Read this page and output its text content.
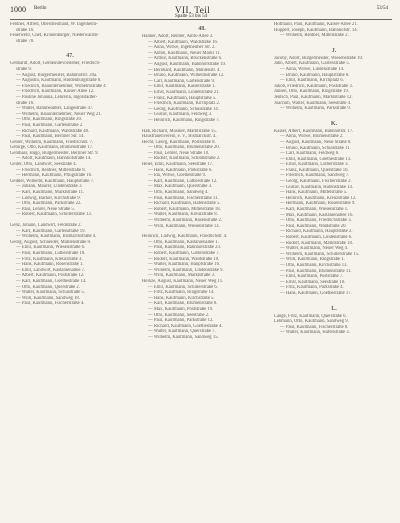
1000 Berlin	VII. Teil	53/54
Spalte 53 bis 54
Feldner, Alfred, Oberstleutnant, W. Ingelheim-
straße 16.
Feuerwehr, Chef, Kronenburger, Niederwallstr-
straße 78.
47.
Gebhardt, Adolf, Gemeindevorsteher, Friedrich-
straße 9.
— August, Bürgermeister, Bahnhofstr. 20a.
— Augustin, Kaufmann, Hindenburgstraße 8.
— Friedrich, Bauunternehmer, Wilhelmstraße 4
— Friedrich, Kaufmann, Kaiser-Allee 12.
— Pauline Johanna, Lehrerin, Ingolstädter-
straße 16.
— Walter, Bahnbeamter, Langestraße 47.
— Wilhelm, Bauunternehmer, Neuer Weg 21.
— Otto, Kaufmann, Ringstraße 20.
— Paul, Kaufmann, Gartenstraße 2.
— Richard, Kaufmann, Waldstraße 48.
— Paul, Kaufmann, Berliner Str. 14.
Gebier, Wilhelm, Kaufmann, Friedrichstr. 7.
Gebirge, Otto, Kaufmann, Blumenstraße 17.
Gehlhaar, Hugo, Bürgermeister, Berliner Str. 9.
— Adolf, Kaufmann, Bahnhofstraße 14.
Geiler, Otto, Landwirt, Seestraße 4.
— Friedrich, Rentner, Mittelstraße 8.
— Hermann, Kaufmann, Pflugstraße 16.
Geißler, Wilhelm, Kaufmann, Hauptstraße 7.
— Johann, Maurer, Lindenstraße 3.
— Karl, Kaufmann, Marktstraße 11.
— Ludwig, Bäcker, Kirchstraße 9.
— Otto, Kaufmann, Parkstraße 22.
— Paul, Lehrer, Neue Straße 5.
— Robert, Kaufmann, Schillerstraße 13.
Genz, Johann, Landwirt, Feldstraße 2.
— Karl, Kaufmann, Gartenstraße 19.
— Wilhelm, Kaufmann, Bismarckstraße 4.
Georg, August, Schneider, Mühlenstraße 8.
— Emil, Kaufmann, Wiesenstraße 6.
— Paul, Kaufmann, Lutherstraße 10.
— Fritz, Kaufmann, Kreuzstraße 3.
— Hans, Kaufmann, Rosenstraße 1.
— Emil, Landwirt, Kastanienallee 7.
— Albert, Kaufmann, Poststraße 12.
— Karl, Kaufmann, Goethestraße 14.
— Otto, Kaufmann, Querstraße 2.
— Walter, Kaufmann, Schulstraße 5.
— Willi, Kaufmann, Sandweg 18.
— Paul, Kaufmann, Fischerstraße 4.
48.
Hanner, Adolf, Rentier, Amts-Allee 3.
— Albert, Kaufmann, Waldstraße 16.
— Anna, Witwe, Ingelheimer Str. 2.
— Anton, Kaufmann, Neuer Markt 11.
— Arthur, Kaufmann, Brückenstraße 6.
— August, Kaufmann, Bahnhofstraße 19.
— Bernhard, Kaufmann, Mühlenstr. 4.
— Bruno, Kaufmann, Wilhelmstraße 12.
— Carl, Kaufmann, Gartenstraße 9.
— Emil, Kaufmann, Kaiserstraße 1.
— Ernst, Kaufmann, Lindenstraße 21.
— Franz, Kaufmann, Hauptstraße 5.
— Friedrich, Kaufmann, Kirchplatz 2.
— Georg, Kaufmann, Schulstraße 14.
— Gustav, Kaufmann, Feldweg 3.
— Heinrich, Kaufmann, Ringstraße 7.
Haß, Richard, Musiker, Marktstraße 15.
Hausfrauenverein, e. V., Bismarckstr. 4.
Hecht, Georg, Kaufmann, Poststraße 8.
— Otto, Kaufmann, Blumenstraße 20.
— Paul, Lehrer, Neue Straße 10.
— Rudolf, Kaufmann, Schloßstraße 2.
Heier, Emil, Kaufmann, Seestraße 17.
— Hans, Kaufmann, Parkstraße 6.
— Ida, Witwe, Goethestraße 9.
— Karl, Kaufmann, Lutherstraße 12.
— Max, Kaufmann, Querstraße 3.
— Otto, Kaufmann, Sandweg 4.
— Paul, Kaufmann, Fischerstraße 11.
— Richard, Kaufmann, Hafenstraße 5.
— Robert, Kaufmann, Mittelstraße 18.
— Walter, Kaufmann, Kreuzstraße 8.
— Wilhelm, Kaufmann, Rosenstraße 2.
— Willi, Kaufmann, Wiesenstraße 13.
Heinrich, Ludwig, Kaufmann, Friedrichstr. 4.
— Otto, Kaufmann, Kastanienallee 1.
— Paul, Kaufmann, Bahnhofstraße 23.
— Robert, Kaufmann, Gartenstraße 7.
— Rudolf, Kaufmann, Waldstraße 10.
— Walter, Kaufmann, Hauptstraße 16.
— Wilhelm, Kaufmann, Lindenstraße 9.
— Willi, Kaufmann, Marktstraße 3.
Heinze, August, Kaufmann, Neuer Weg 11.
— Emil, Kaufmann, Schillerstraße 6.
— Fritz, Kaufmann, Ringstraße 14.
— Hans, Kaufmann, Kirchstraße 5.
— Karl, Kaufmann, Blumenstraße 8.
— Max, Kaufmann, Poststraße 19.
— Otto, Kaufmann, Seestraße 2.
— Paul, Kaufmann, Parkstraße 12.
— Richard, Kaufmann, Goethestraße 4.
— Walter, Kaufmann, Querstraße 7.
— Wilhelm, Kaufmann, Sandweg 15.
Hofmann, Paul, Kaufmann, Kaiser-Allee 21.
Huppert, Joseph, Kaufmann, Bahnhofstr. 14.
— Wilhelm, Rentner, Mittelstraße 2.
J.
Jacoby, Adolf, Bürgermeister, Wiesenstraße 10.
Jahn, Albert, Kaufmann, Gartenstraße 5.
— Anna, Witwe, Lindenstraße 14.
— Bruno, Kaufmann, Hauptstraße 8.
— Emil, Kaufmann, Kirchplatz 6.
Jakob, Friedrich, Kaufmann, Poststraße 3.
Jansen, Otto, Kaufmann, Ringstraße 19.
Jentsch, Paul, Kaufmann, Marktstraße 12.
Joachim, Walter, Kaufmann, Seestraße 4.
— Wilhelm, Kaufmann, Parkstraße 9.
K.
Kaiser, Albert, Kaufmann, Bahnhofstr. 17.
— Anna, Witwe, Blumenstraße 2.
— August, Kaufmann, Neue Straße 8.
— Bruno, Kaufmann, Schulstraße 11.
— Carl, Kaufmann, Feldweg 6.
— Emil, Kaufmann, Goethestraße 13.
— Ernst, Kaufmann, Lutherstraße 3.
— Franz, Kaufmann, Querstraße 10.
— Friedrich, Kaufmann, Sandweg 7.
— Georg, Kaufmann, Fischerstraße 2.
— Gustav, Kaufmann, Hafenstraße 14.
— Hans, Kaufmann, Mittelstraße 5.
— Heinrich, Kaufmann, Kreuzstraße 12.
— Hermann, Kaufmann, Rosenstraße 9.
— Karl, Kaufmann, Wiesenstraße 1.
— Max, Kaufmann, Kastanienallee 16.
— Otto, Kaufmann, Friedrichstraße 3.
— Paul, Kaufmann, Waldstraße 20.
— Richard, Kaufmann, Hauptstraße 2.
— Robert, Kaufmann, Lindenstraße 6.
— Rudolf, Kaufmann, Marktstraße 18.
— Walter, Kaufmann, Neuer Weg 4.
— Wilhelm, Kaufmann, Schillerstraße 15.
— Willi, Kaufmann, Ringstraße 1.
— Otto, Kaufmann, Kirchstraße 13.
— Paul, Kaufmann, Blumenstraße 11.
— Emil, Kaufmann, Poststraße 7.
— Ernst, Kaufmann, Seestraße 10.
— Fritz, Kaufmann, Parkstraße 4.
— Hans, Kaufmann, Goethestraße 17.
L.
Lange, Fritz, Kaufmann, Querstraße 6.
Lehmann, Otto, Kaufmann, Sandweg 9.
— Paul, Kaufmann, Fischerstraße 8.
— Walter, Kaufmann, Hafenstraße 3.
